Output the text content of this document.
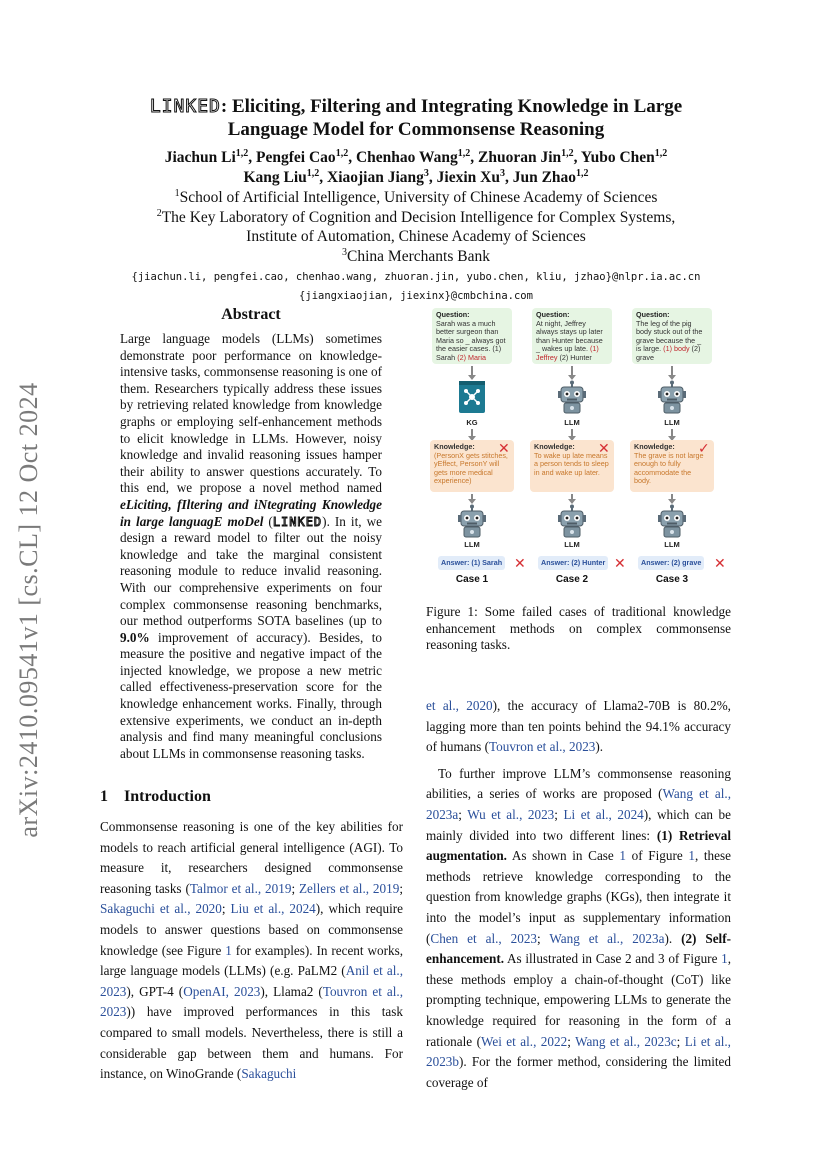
arXiv:2410.09541v1 [cs.CL] 12 Oct 2024
LINKED: Eliciting, Filtering and Integrating Knowledge in Large
Language Model for Commonsense Reasoning
Jiachun Li$^{1,2}$, Pengfei Cao$^{1,2}$, Chenhao Wang$^{1,2}$, Zhuoran Jin$^{1,2}$, Yubo Chen$^{1,2}$
Kang Liu$^{1,2}$, Xiaojian Jiang$^3$, Jiexin Xu$^3$, Jun Zhao$^{1,2}$
$^1$School of Artificial Intelligence, University of Chinese Academy of Sciences
$^2$The Key Laboratory of Cognition and Decision Intelligence for Complex Systems,
Institute of Automation, Chinese Academy of Sciences
$^3$China Merchants Bank
{jiachun.li, pengfei.cao, chenhao.wang, zhuoran.jin, yubo.chen, kliu, jzhao}@nlpr.ia.ac.cn
{jiangxiaojian, jiexinx}@cmbchina.com
Abstract
Large language models (LLMs) sometimes demonstrate poor performance on knowledge-intensive tasks, commonsense reasoning is one of them. Researchers typically address these issues by retrieving related knowledge from knowledge graphs or employing self-enhancement methods to elicit knowledge in LLMs. However, noisy knowledge and invalid reasoning issues hamper their ability to answer questions accurately. To this end, we propose a novel method named eLiciting, fIltering and iNtegrating Knowledge in large languagE moDel (LINKED). In it, we design a reward model to filter out the noisy knowledge and take the marginal consistent reasoning module to reduce invalid reasoning. With our comprehensive experiments on four complex commonsense reasoning benchmarks, our method outperforms SOTA baselines (up to 9.0% improvement of accuracy). Besides, to measure the positive and negative impact of the injected knowledge, we propose a new metric called effectiveness-preservation score for the knowledge enhancement works. Finally, through extensive experiments, we conduct an in-depth analysis and find many meaningful conclusions about LLMs in commonsense reasoning tasks.
1 Introduction
Commonsense reasoning is one of the key abilities for models to reach artificial general intelligence (AGI). To measure it, researchers designed commonsense reasoning tasks (Talmor et al., 2019; Zellers et al., 2019; Sakaguchi et al., 2020; Liu et al., 2024), which require models to answer questions based on commonsense knowledge (see Figure 1 for examples). In recent works, large language models (LLMs) (e.g. PaLM2 (Anil et al., 2023), GPT-4 (OpenAI, 2023), Llama2 (Touvron et al., 2023)) have improved performances in this task compared to small models. Nevertheless, there is still a considerable gap between them and humans. For instance, on WinoGrande (Sakaguchi
Question:
Sarah was a much better surgeon than Maria so _ always got the easier cases. (1) Sarah (2) Maria
KG
Knowledge:
(PersonX gets stitches, yEffect, PersonY will gets more medical experience)
✕
LLM
Answer: (1) Sarah ✕
Case 1
Question:
At night, Jeffrey always stays up later than Hunter because _ wakes up late. (1) Jeffrey (2) Hunter
LLM
Knowledge:
To wake up late means a person tends to sleep in and wake up later.
✕
LLM
Answer: (2) Hunter ✕
Case 2
Question:
The leg of the pig body stuck out of the grave because the _ is large. (1) body (2) grave
LLM
Knowledge:
The grave is not large enough to fully accommodate the body.
✓
LLM
Answer: (2) grave ✕
Case 3
Figure 1: Some failed cases of traditional knowledge enhancement methods on complex commonsense reasoning tasks.

et al., 2020), the accuracy of Llama2-70B is 80.2%, lagging more than ten points behind the 94.1% accuracy of humans (Touvron et al., 2023).

To further improve LLM’s commonsense reasoning abilities, a series of works are proposed (Wang et al., 2023a; Wu et al., 2023; Li et al., 2024), which can be mainly divided into two different lines: (1) Retrieval augmentation. As shown in Case 1 of Figure 1, these methods retrieve knowledge corresponding to the question from knowledge graphs (KGs), then integrate it into the model’s input as supplementary information (Chen et al., 2023; Wang et al., 2023a). (2) Self-enhancement. As illustrated in Case 2 and 3 of Figure 1, these methods employ a chain-of-thought (CoT) like prompting technique, empowering LLMs to generate the knowledge required for reasoning in the form of a rationale (Wei et al., 2022; Wang et al., 2023c; Li et al., 2023b). For the former method, considering the limited coverage of
